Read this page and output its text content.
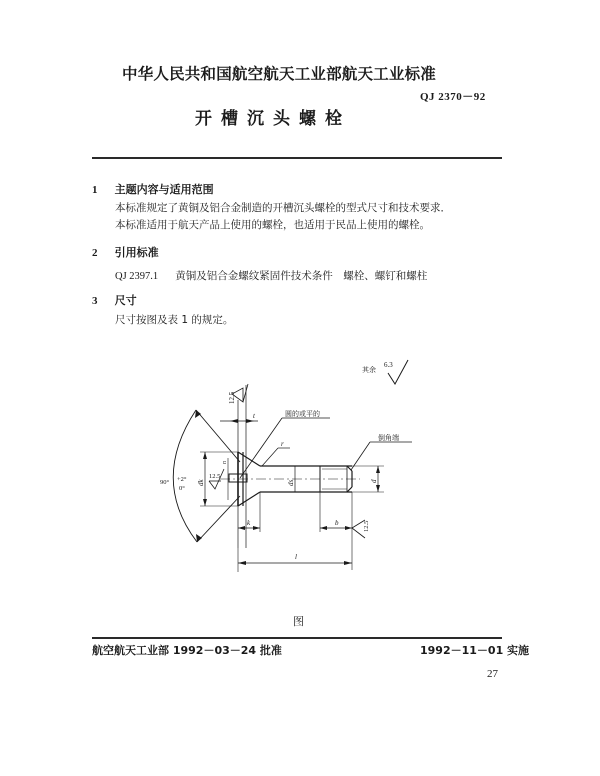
中华人民共和国航空航天工业部航天工业标准
QJ 2370－92
开槽沉头螺栓
1 主题内容与适用范围
本标准规定了黄铜及铝合金制造的开槽沉头螺栓的型式尺寸和技术要求．
本标准适用于航天产品上使用的螺栓，也适用于民品上使用的螺栓。
2 引用标准
QJ 2397.1 黄铜及铝合金螺纹紧固件技术条件　螺栓、螺钉和螺柱
3 尺寸
尺寸按图及表 1 的规定。
其余
6.3
12.5
t	圆的或平的
倒角端
r
n
12.5
90° +2°
0°
dk	ds	d
k	b	12.5
l
图
航空航天工业部 1992－03－24 批准	1992－11－01 实施
27
